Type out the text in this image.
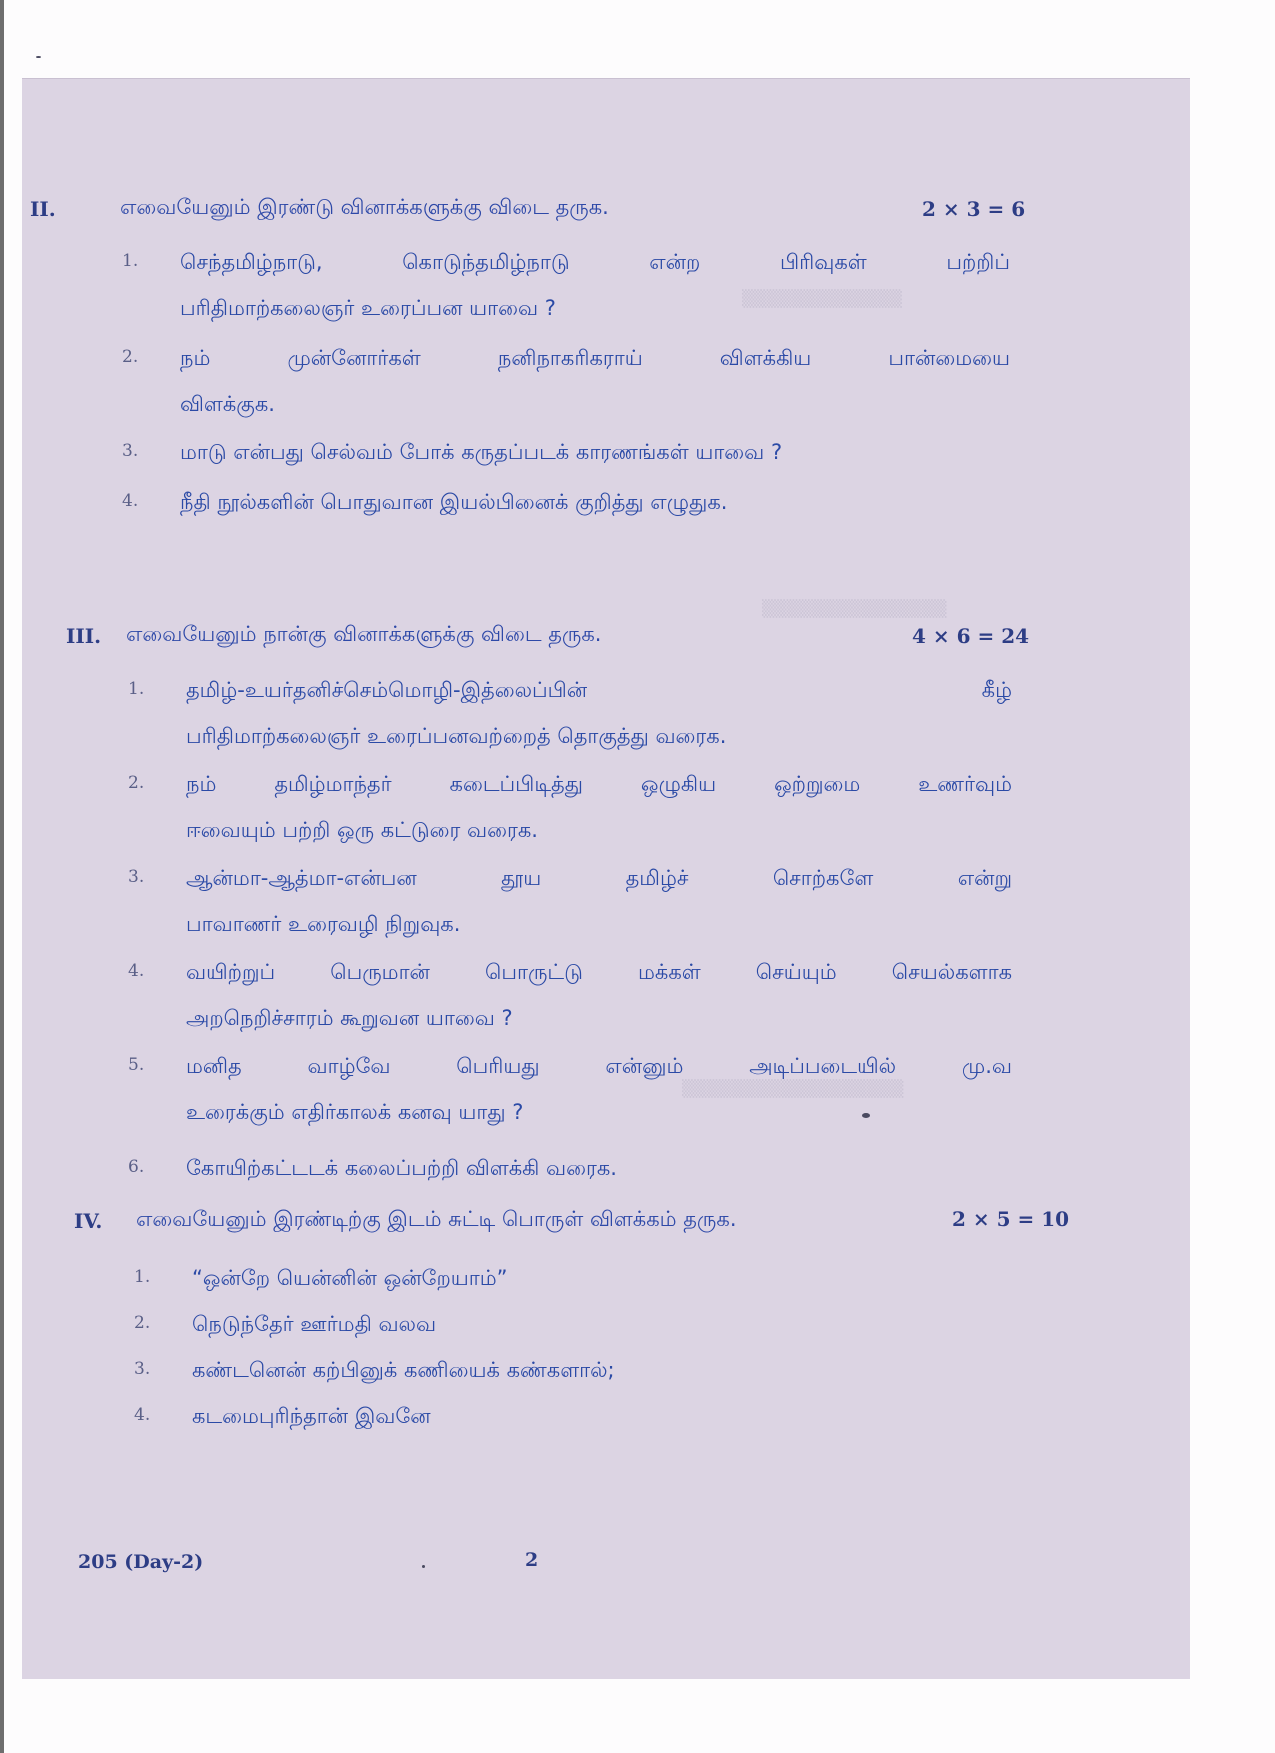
▒▒▒▒▒▒▒▒▒▒▒▒▒
▒▒▒▒▒▒▒▒▒▒▒▒▒▒▒
▒▒▒▒▒▒▒▒▒▒▒▒▒▒▒▒▒▒
II.	எவையேனும் இரண்டு வினாக்களுக்கு விடை தருக.	2 × 3 = 6
1. செந்தமிழ்நாடு, கொடுந்தமிழ்நாடு என்ற பிரிவுகள் பற்றிப்
பரிதிமாற்கலைஞர் உரைப்பன யாவை ?
2. நம் முன்னோர்கள் நனிநாகரிகராய் விளக்கிய பான்மையை
விளக்குக.
3. மாடு என்பது செல்வம் போக் கருதப்படக் காரணங்கள் யாவை ?
4. நீதி நூல்களின் பொதுவான இயல்பினைக் குறித்து எழுதுக.
III. எவையேனும் நான்கு வினாக்களுக்கு விடை தருக.	4 × 6 = 24
1. தமிழ்-உயர்தனிச்செம்மொழி-இத்லைப்பின் கீழ்
பரிதிமாற்கலைஞர் உரைப்பனவற்றைத் தொகுத்து வரைக.
2. நம் தமிழ்மாந்தர் கடைப்பிடித்து ஒழுகிய ஒற்றுமை உணர்வும்
ஈவையும் பற்றி ஒரு கட்டுரை வரைக.
3. ஆன்மா-ஆத்மா-என்பன தூய தமிழ்ச் சொற்களே என்று
பாவாணர் உரைவழி நிறுவுக.
4. வயிற்றுப் பெருமான் பொருட்டு மக்கள் செய்யும் செயல்களாக
அறநெறிச்சாரம் கூறுவன யாவை ?
5. மனித வாழ்வே பெரியது என்னும் அடிப்படையில் மு.வ
உரைக்கும் எதிர்காலக் கனவு யாது ?
6. கோயிற்கட்டடக் கலைப்பற்றி விளக்கி வரைக.
IV. எவையேனும் இரண்டிற்கு இடம் சுட்டி பொருள் விளக்கம் தருக.	2 × 5 = 10
1. “ஒன்றே யென்னின் ஒன்றேயாம்”
2. நெடுந்தேர் ஊர்மதி வலவ
3. கண்டனென் கற்பினுக் கணியைக் கண்களால்;
4. கடமைபுரிந்தான் இவனே
205 (Day-2)	2
